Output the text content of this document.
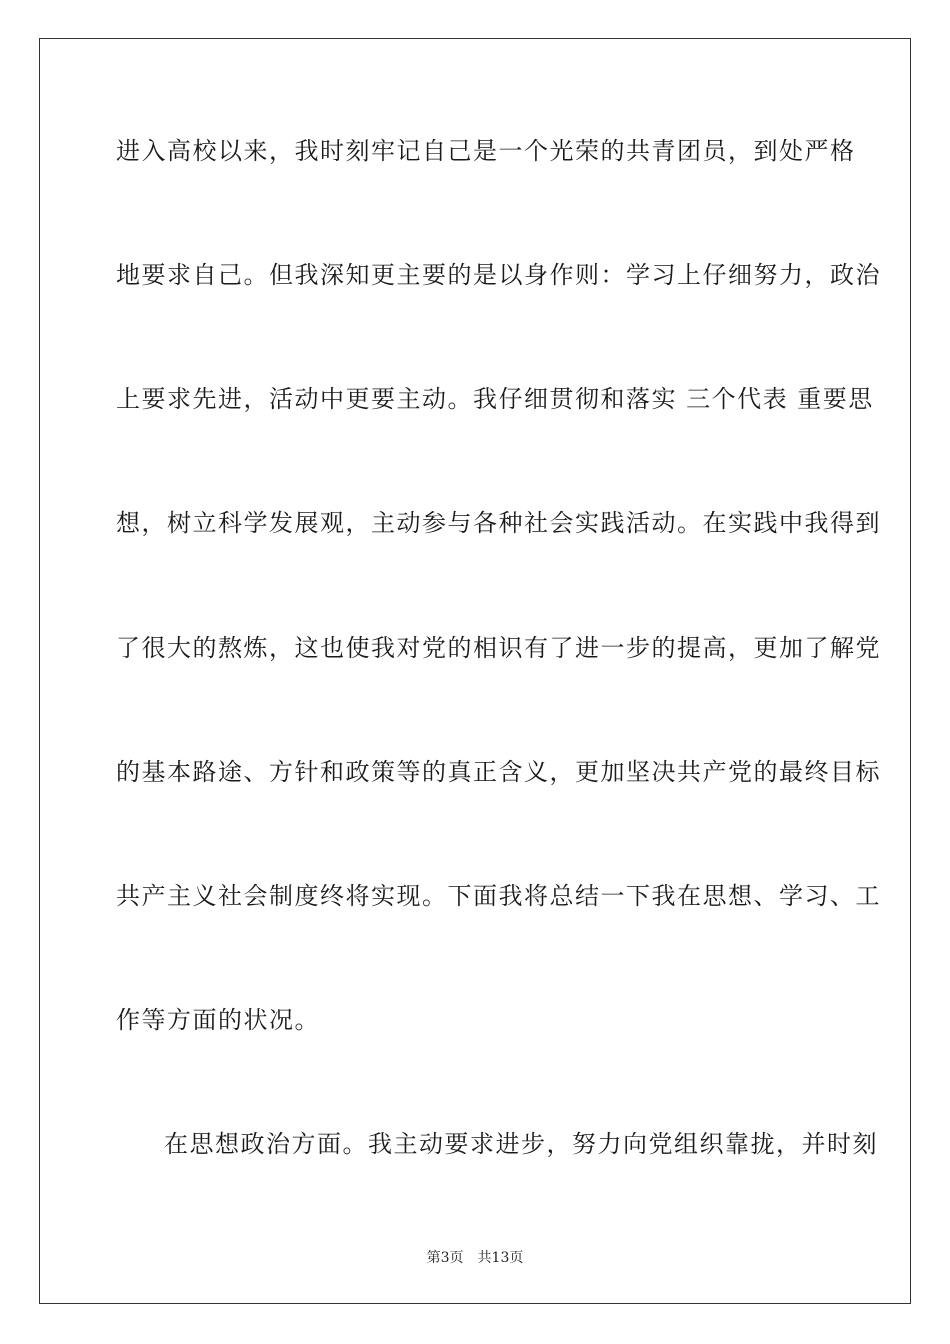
进入高校以来，我时刻牢记自己是一个光荣的共青团员，到处严格
地要求自己。但我深知更主要的是以身作则：学习上仔细努力，政治
上要求先进，活动中更要主动。我仔细贯彻和落实 三个代表 重要思
想，树立科学发展观，主动参与各种社会实践活动。在实践中我得到
了很大的熬炼，这也使我对党的相识有了进一步的提高，更加了解党
的基本路途、方针和政策等的真正含义，更加坚决共产党的最终目标
共产主义社会制度终将实现。下面我将总结一下我在思想、学习、工
作等方面的状况。
在思想政治方面。我主动要求进步，努力向党组织靠拢，并时刻
第3页 共13页
